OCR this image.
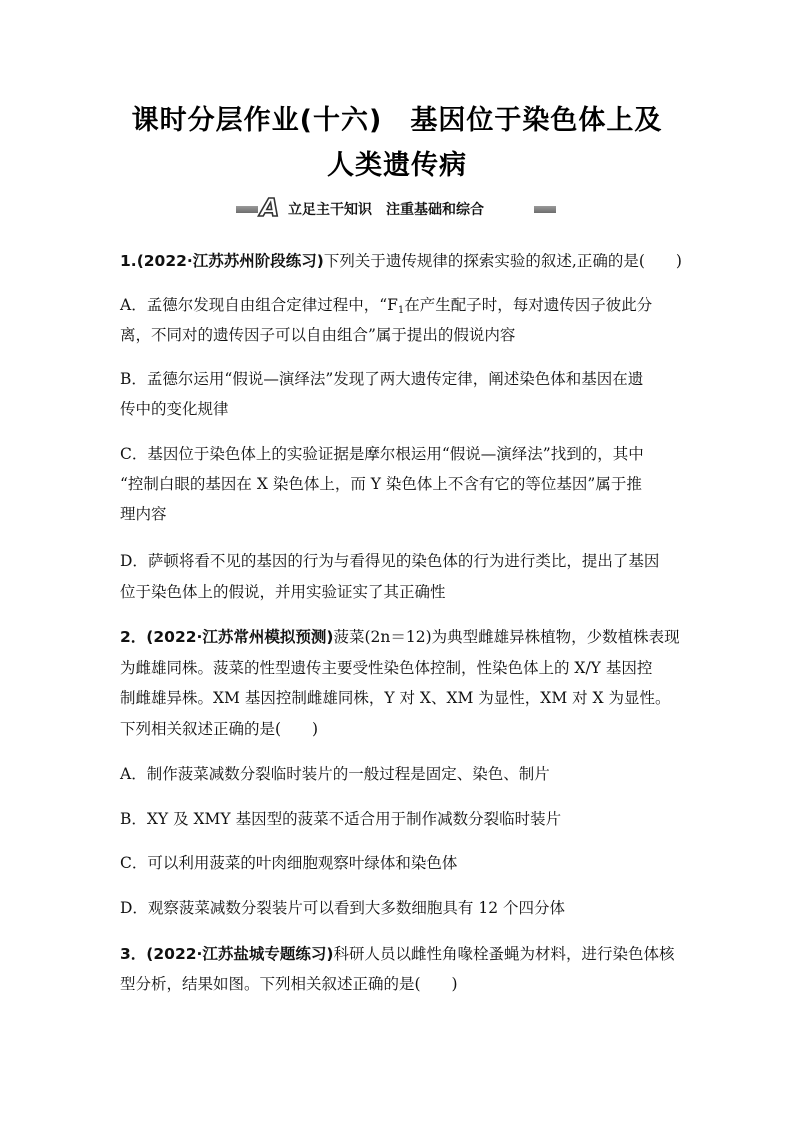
课时分层作业(十六)　基因位于染色体上及
人类遗传病
A 立足主干知识　注重基础和综合
1.(2022·江苏苏州阶段练习)下列关于遗传规律的探索实验的叙述,正确的是(　　)
A．孟德尔发现自由组合定律过程中，“$F_1$在产生配子时，每对遗传因子彼此分
离，不同对的遗传因子可以自由组合”属于提出的假说内容
B．孟德尔运用“假说—演绎法”发现了两大遗传定律，阐述染色体和基因在遗
传中的变化规律
C．基因位于染色体上的实验证据是摩尔根运用“假说—演绎法”找到的，其中
“控制白眼的基因在 X 染色体上，而 Y 染色体上不含有它的等位基因”属于推
理内容
D．萨顿将看不见的基因的行为与看得见的染色体的行为进行类比，提出了基因
位于染色体上的假说，并用实验证实了其正确性
2．(2022·江苏常州模拟预测)菠菜(2n＝12)为典型雌雄异株植物，少数植株表现
为雌雄同株。菠菜的性型遗传主要受性染色体控制，性染色体上的 X/Y 基因控
制雌雄异株。XM 基因控制雌雄同株，Y 对 X、XM 为显性，XM 对 X 为显性。
下列相关叙述正确的是(　　)
A．制作菠菜减数分裂临时装片的一般过程是固定、染色、制片
B．XY 及 XMY 基因型的菠菜不适合用于制作减数分裂临时装片
C．可以利用菠菜的叶肉细胞观察叶绿体和染色体
D．观察菠菜减数分裂装片可以看到大多数细胞具有 12 个四分体
3．(2022·江苏盐城专题练习)科研人员以雌性角喙栓蚤蝇为材料，进行染色体核
型分析，结果如图。下列相关叙述正确的是(　　)
